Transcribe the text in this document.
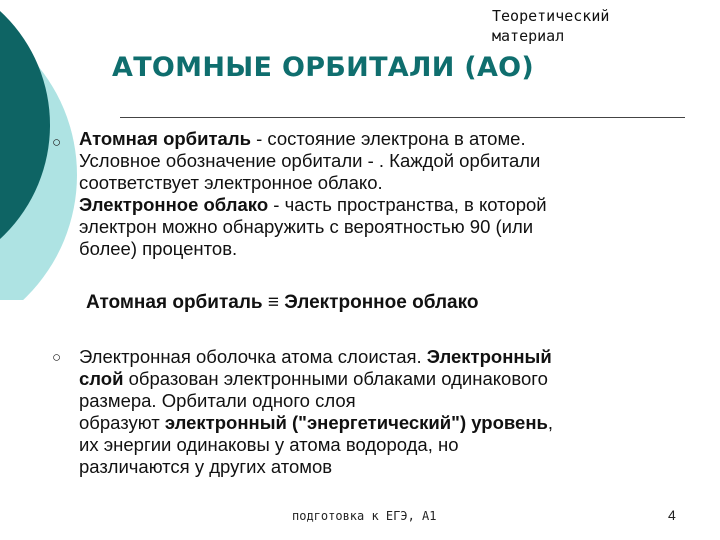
Теоретический
материал
АТОМНЫЕ ОРБИТАЛИ (АО)
○ Атомная орбиталь - состояние электрона в атоме.
Условное обозначение орбитали - . Каждой орбитали
соответствует электронное облако.
Электронное облако - часть пространства, в которой
электрон можно обнаружить с вероятностью 90 (или
более) процентов.
Атомная орбиталь ≡ Электронное облако
○ Электронная оболочка атома слоистая. Электронный
слой образован электронными облаками одинакового
размера. Орбитали одного слоя
образуют электронный ("энергетический") уровень,
их энергии одинаковы у атома водорода, но
различаются у других атомов
подготовка к ЕГЭ, А1	4
